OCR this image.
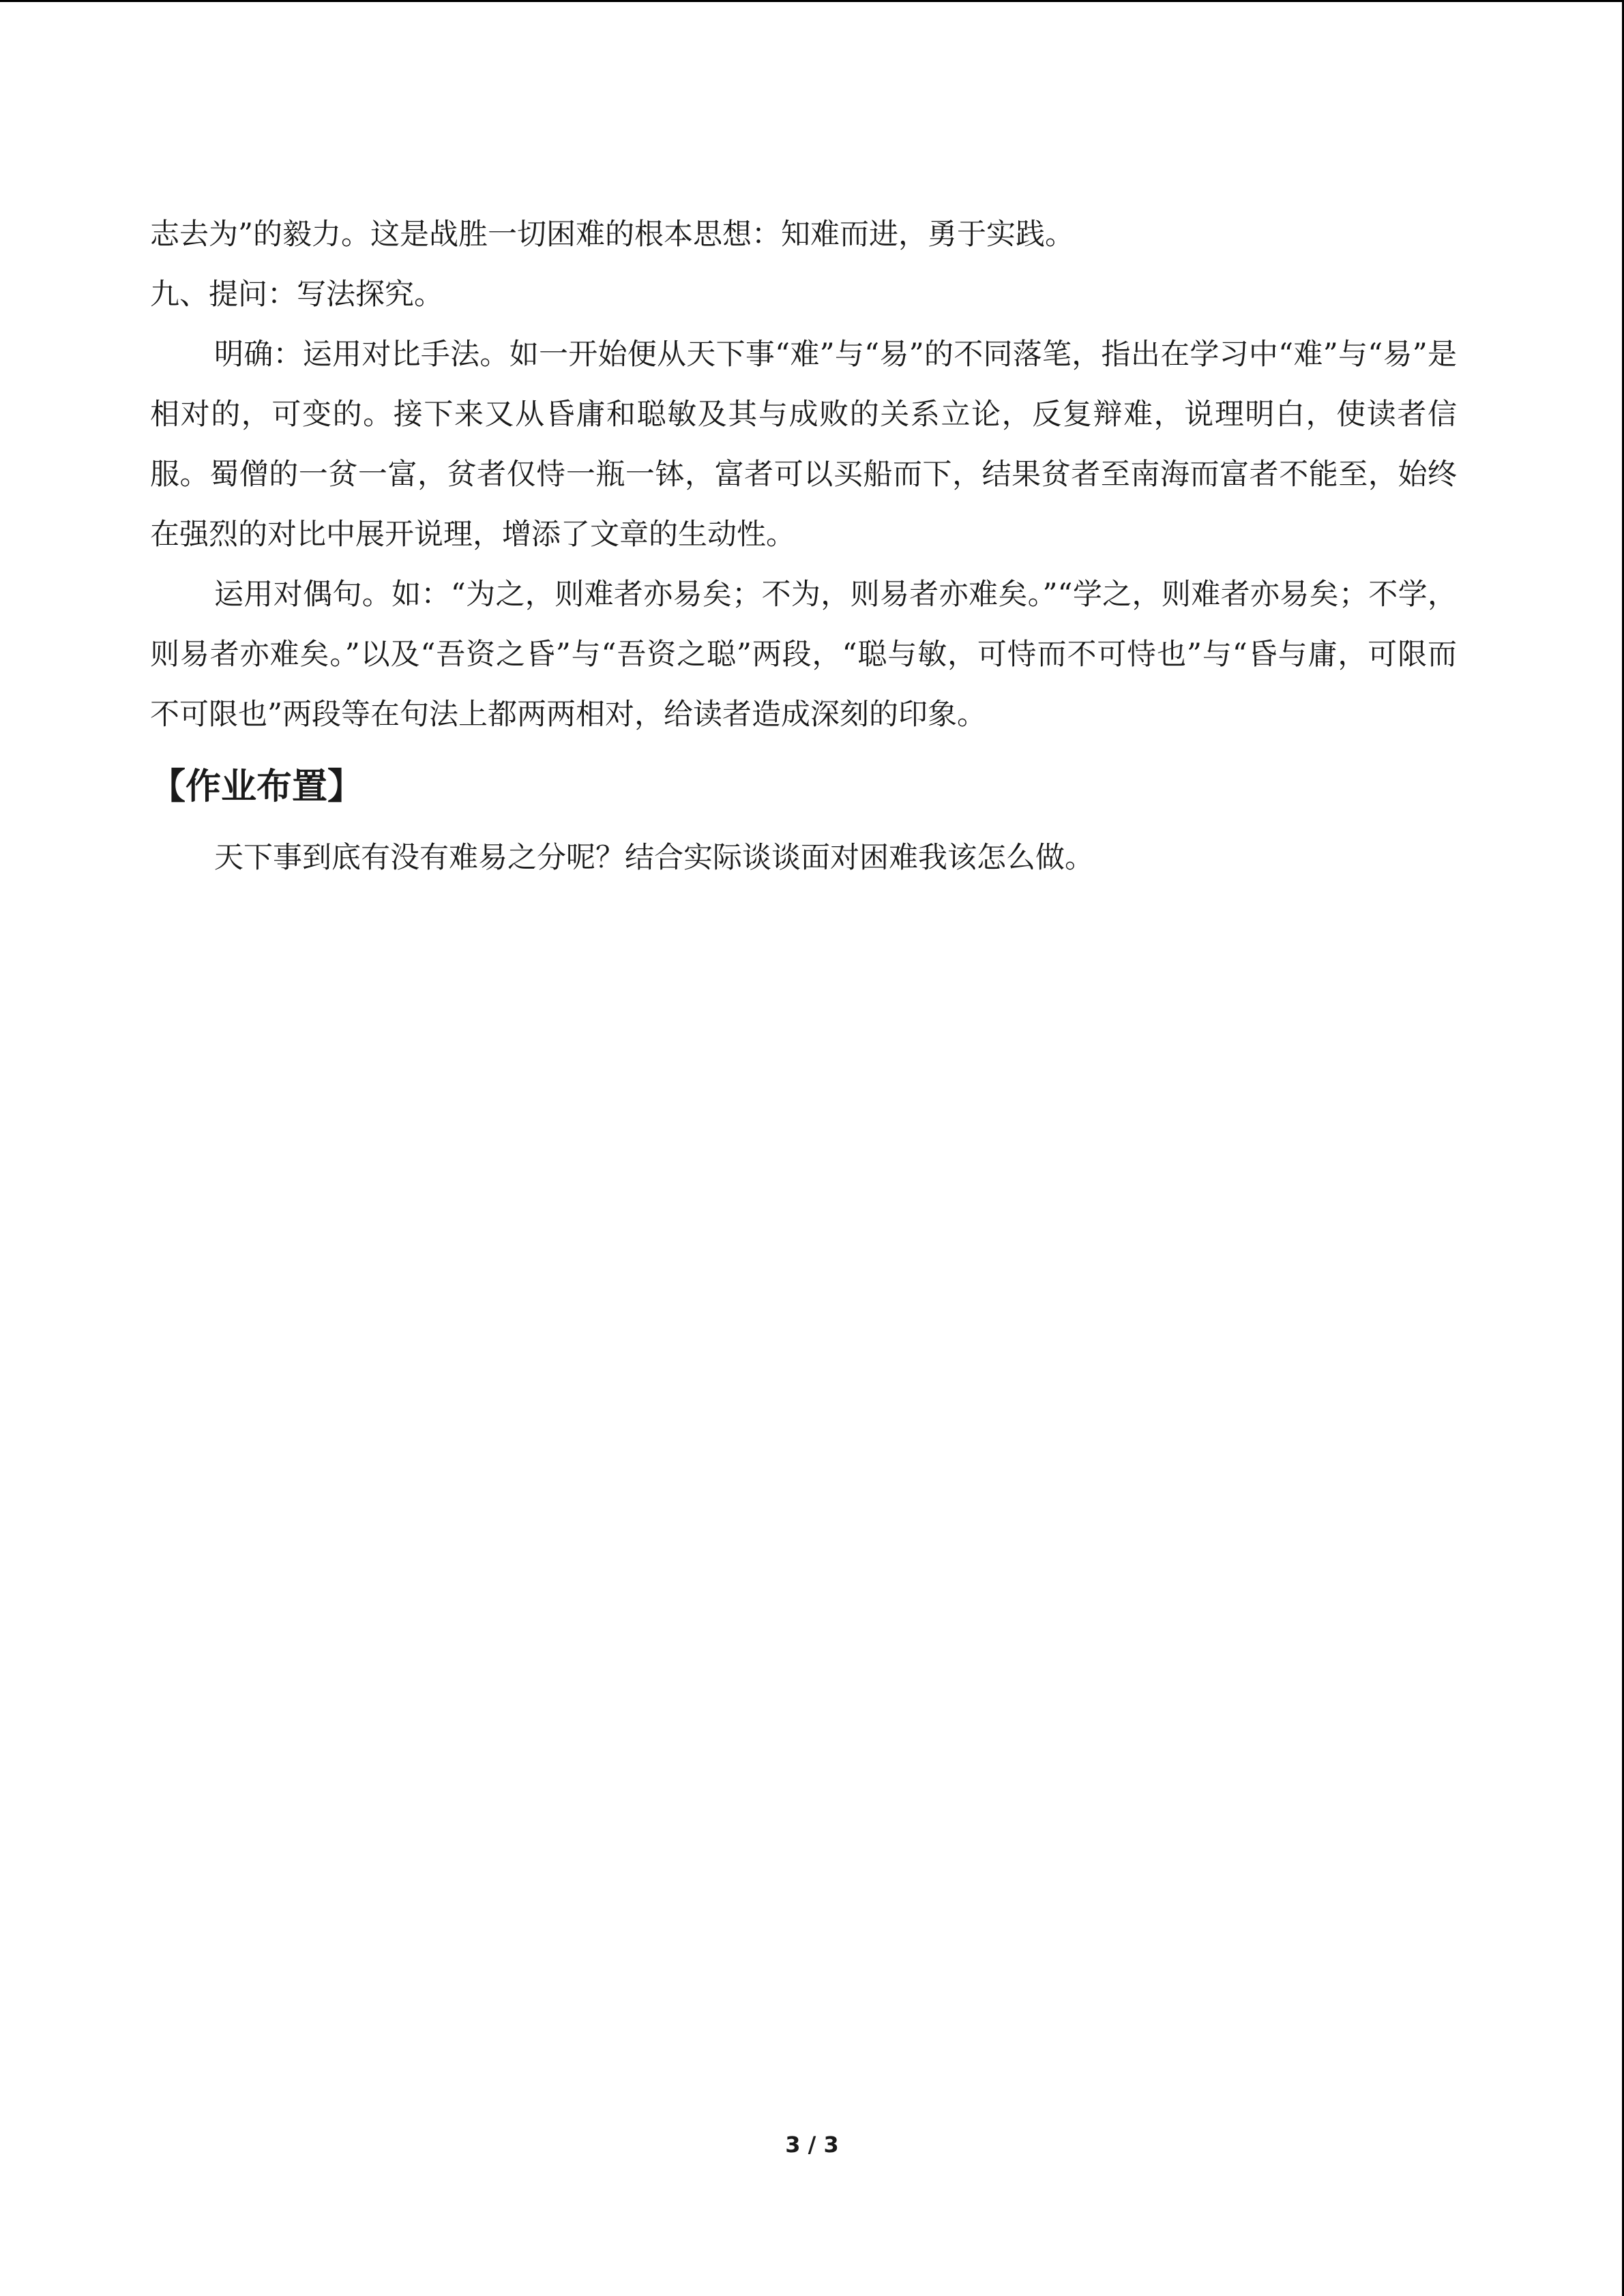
志去为”的毅力。这是战胜一切困难的根本思想：知难而进，勇于实践。

九、提问：写法探究。

明确：运用对比手法。如一开始便从天下事“难”与“易”的不同落笔，指出在学习中“难”与“易”是相对的，可变的。接下来又从昏庸和聪敏及其与成败的关系立论，反复辩难，说理明白，使读者信服。蜀僧的一贫一富，贫者仅恃一瓶一钵，富者可以买船而下，结果贫者至南海而富者不能至，始终在强烈的对比中展开说理，增添了文章的生动性。

运用对偶句。如：“为之，则难者亦易矣；不为，则易者亦难矣。”“学之，则难者亦易矣；不学，则易者亦难矣。”以及“吾资之昏”与“吾资之聪”两段，“聪与敏，可恃而不可恃也”与“昏与庸，可限而不可限也”两段等在句法上都两两相对，给读者造成深刻的印象。

【作业布置】

天下事到底有没有难易之分呢？结合实际谈谈面对困难我该怎么做。

3 / 3
